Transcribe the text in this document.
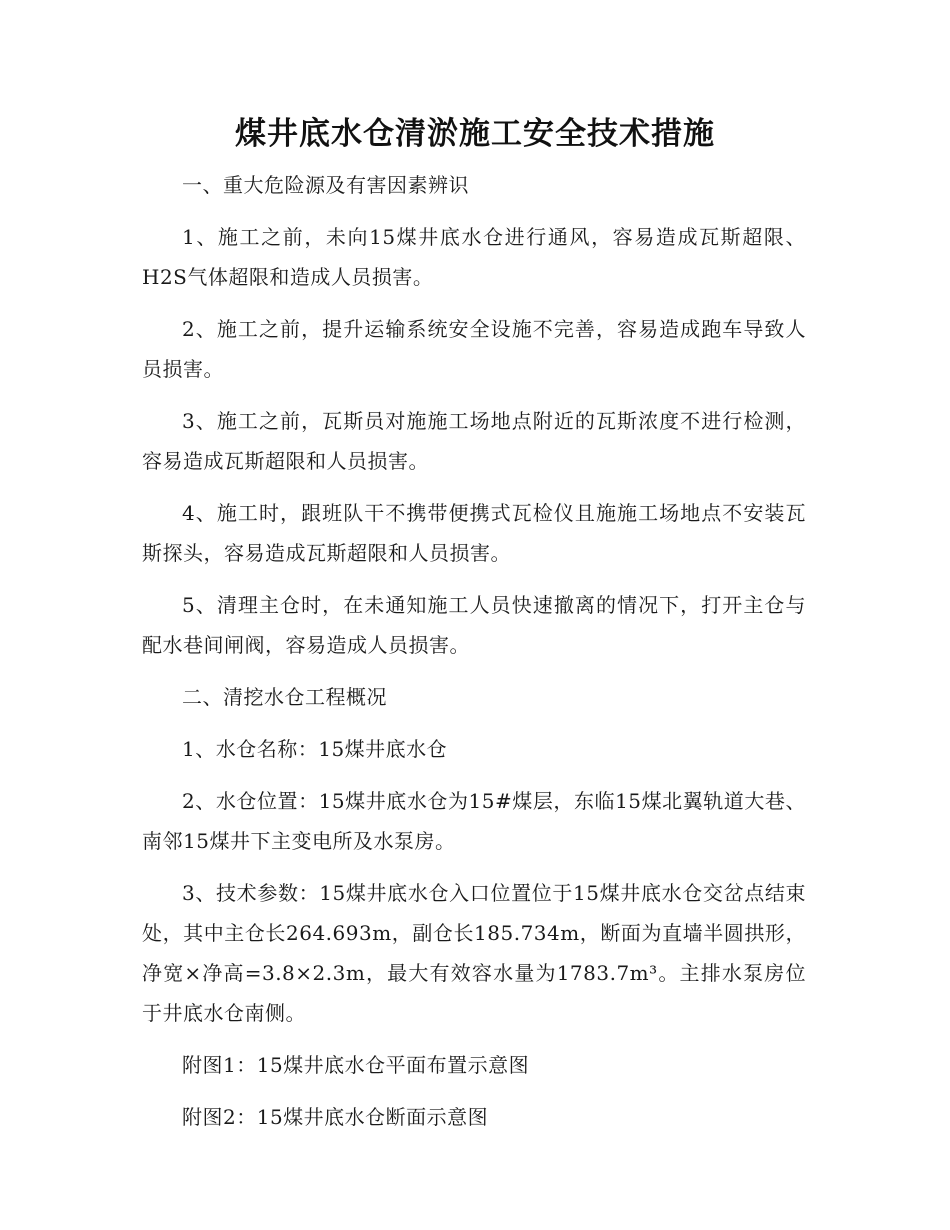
煤井底水仓清淤施工安全技术措施

一、重大危险源及有害因素辨识

1、施工之前，未向15煤井底水仓进行通风，容易造成瓦斯超限、H2S气体超限和造成人员损害。

2、施工之前，提升运输系统安全设施不完善，容易造成跑车导致人员损害。

3、施工之前，瓦斯员对施施工场地点附近的瓦斯浓度不进行检测，容易造成瓦斯超限和人员损害。

4、施工时，跟班队干不携带便携式瓦检仪且施施工场地点不安装瓦斯探头，容易造成瓦斯超限和人员损害。

5、清理主仓时，在未通知施工人员快速撤离的情况下，打开主仓与配水巷间闸阀，容易造成人员损害。

二、清挖水仓工程概况

1、水仓名称：15煤井底水仓

2、水仓位置：15煤井底水仓为15#煤层，东临15煤北翼轨道大巷、南邻15煤井下主变电所及水泵房。

3、技术参数：15煤井底水仓入口位置位于15煤井底水仓交岔点结束处，其中主仓长264.693m，副仓长185.734m，断面为直墙半圆拱形，净宽×净高=3.8×2.3m，最大有效容水量为1783.7m³。主排水泵房位于井底水仓南侧。

附图1：15煤井底水仓平面布置示意图

附图2：15煤井底水仓断面示意图
